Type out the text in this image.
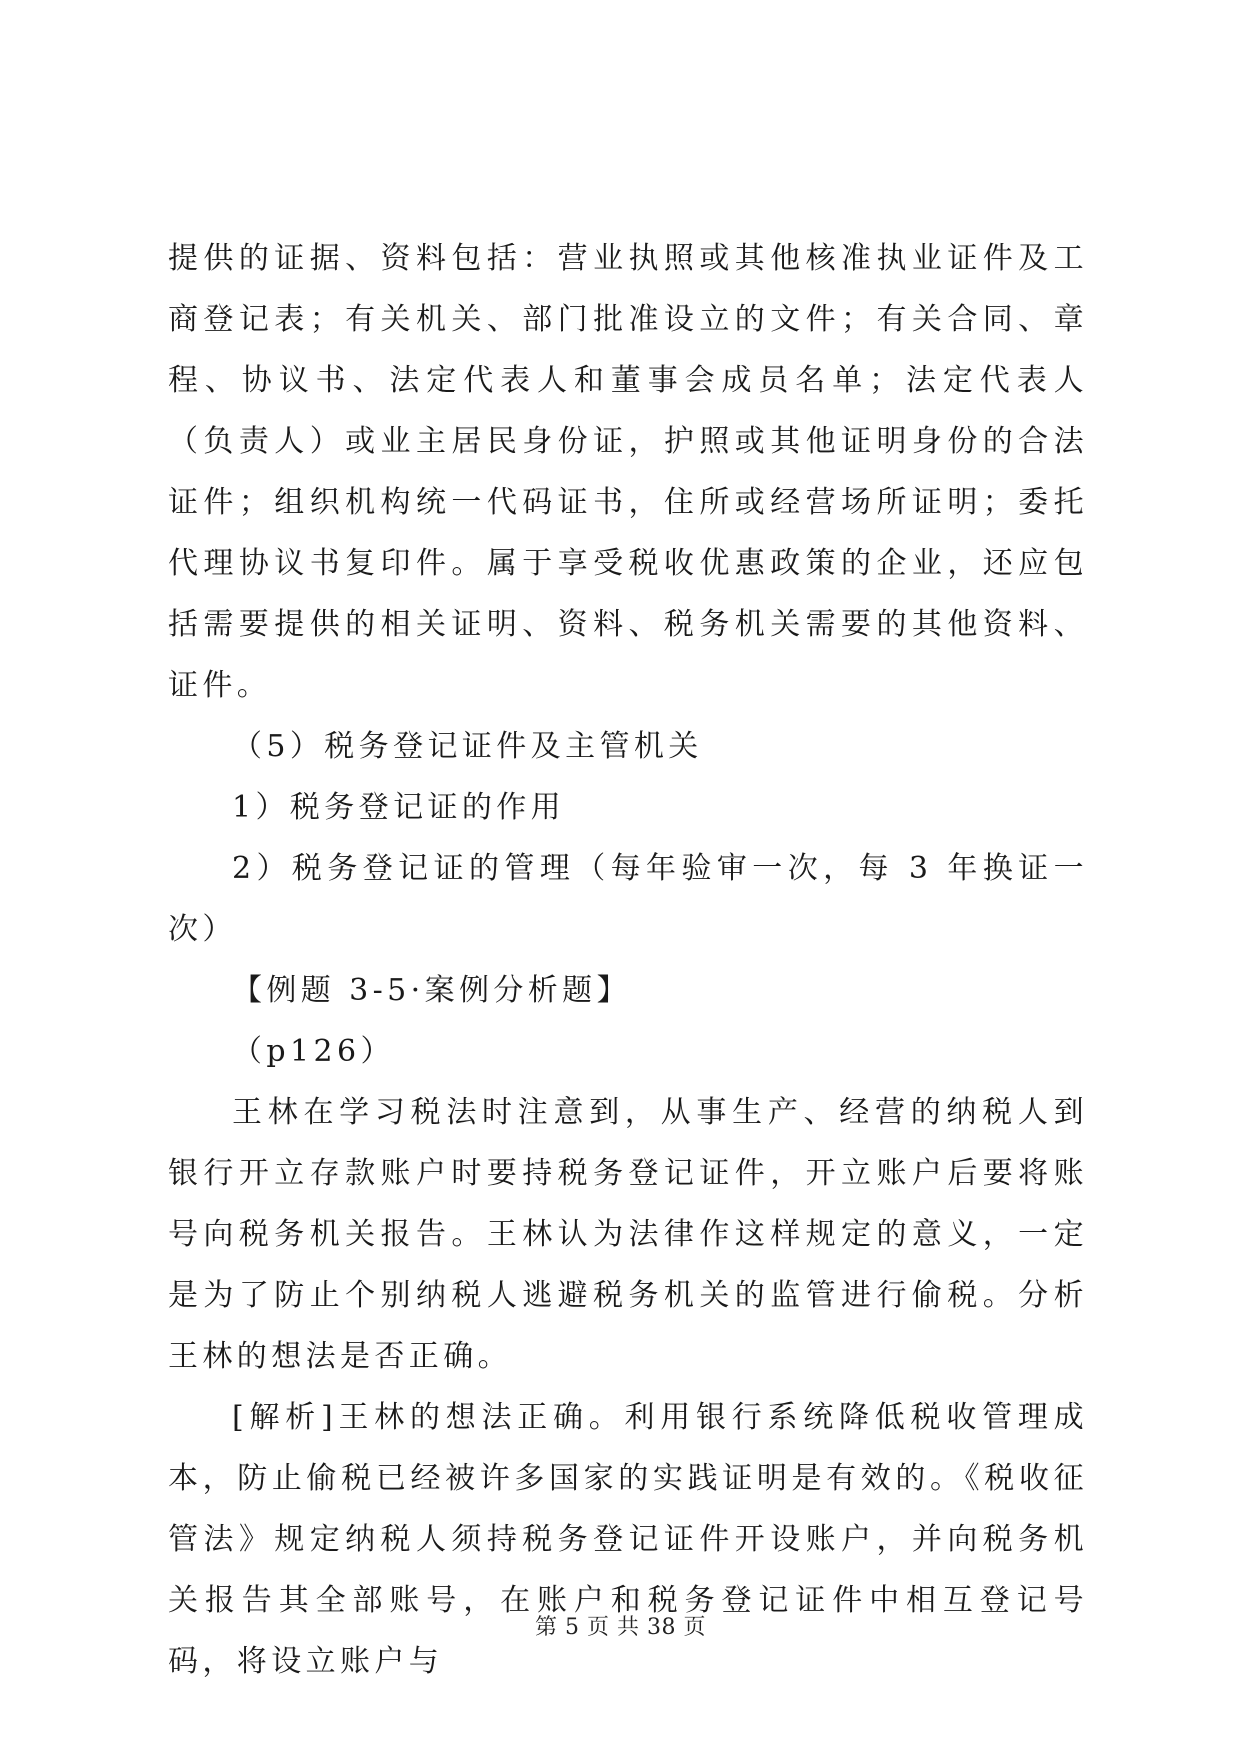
提供的证据、资料包括：营业执照或其他核准执业证件及工商登记表；有关机关、部门批准设立的文件；有关合同、章程、协议书、法定代表人和董事会成员名单；法定代表人（负责人）或业主居民身份证，护照或其他证明身份的合法证件；组织机构统一代码证书，住所或经营场所证明；委托代理协议书复印件。属于享受税收优惠政策的企业，还应包括需要提供的相关证明、资料、税务机关需要的其他资料、证件。

（5）税务登记证件及主管机关

1）税务登记证的作用

2）税务登记证的管理（每年验审一次，每 3 年换证一次）

【例题 3-5·案例分析题】

（p126）

王林在学习税法时注意到，从事生产、经营的纳税人到银行开立存款账户时要持税务登记证件，开立账户后要将账号向税务机关报告。王林认为法律作这样规定的意义，一定是为了防止个别纳税人逃避税务机关的监管进行偷税。分析王林的想法是否正确。

[解析]王林的想法正确。利用银行系统降低税收管理成本，防止偷税已经被许多国家的实践证明是有效的。《税收征管法》规定纳税人须持税务登记证件开设账户，并向税务机关报告其全部账号，在账户和税务登记证件中相互登记号码，将设立账户与

第 5 页 共 38 页
